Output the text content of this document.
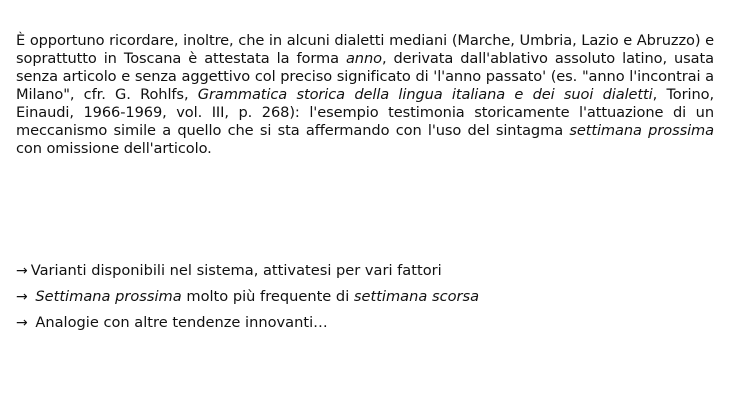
È opportuno ricordare, inoltre, che in alcuni dialetti mediani (Marche, Umbria, Lazio e Abruzzo) e soprattutto in Toscana è attestata la forma anno, derivata dall'ablativo assoluto latino, usata senza articolo e senza aggettivo col preciso significato di 'l'anno passato' (es. "anno l'incontrai a Milano", cfr. G. Rohlfs, Grammatica storica della lingua italiana e dei suoi dialetti, Torino, Einaudi, 1966-1969, vol. III, p. 268): l'esempio testimonia storicamente l'attuazione di un meccanismo simile a quello che si sta affermando con l'uso del sintagma settimana prossima con omissione dell'articolo.

→ Varianti disponibili nel sistema, attivatesi per vari fattori
→ Settimana prossima molto più frequente di settimana scorsa
→ Analogie con altre tendenze innovanti…
